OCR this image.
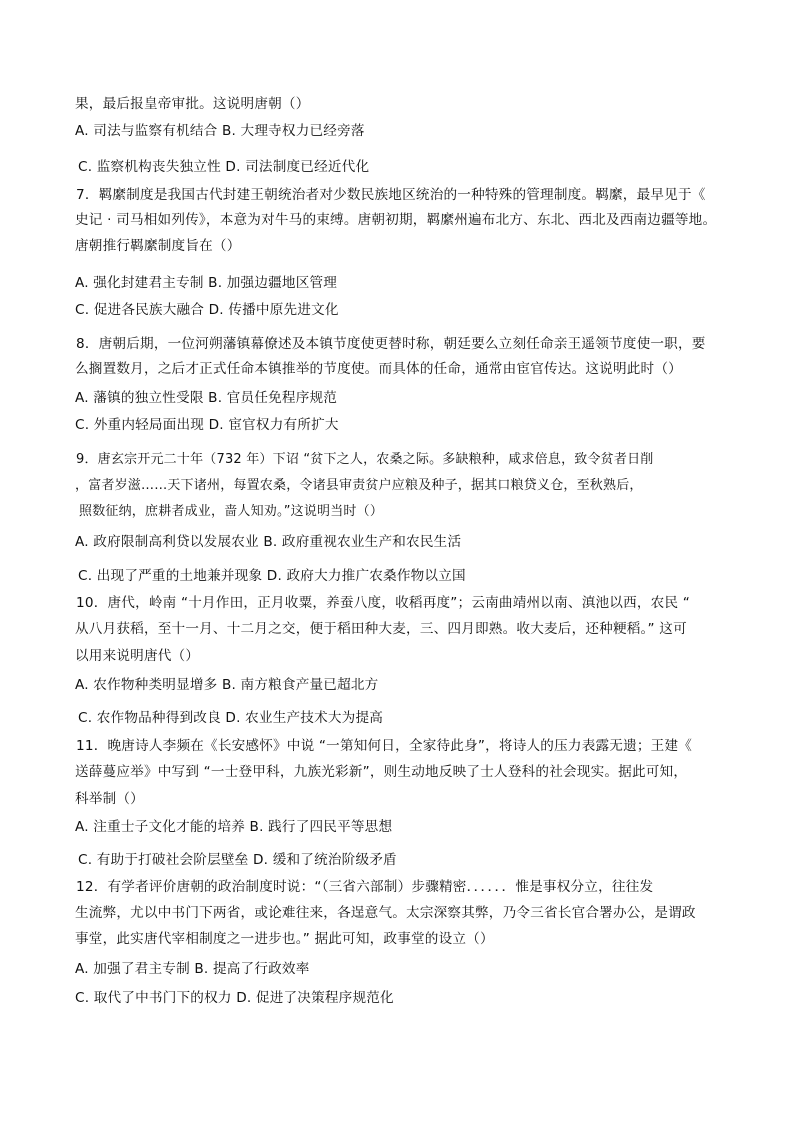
果，最后报皇帝审批。这说明唐朝（）
A. 司法与监察有机结合 B. 大理寺权力已经旁落
C. 监察机构丧失独立性 D. 司法制度已经近代化
7．羁縻制度是我国古代封建王朝统治者对少数民族地区统治的一种特殊的管理制度。羁縻，最早见于《
史记 · 司马相如列传》，本意为对牛马的束缚。唐朝初期，羁縻州遍布北方、东北、西北及西南边疆等地。
唐朝推行羁縻制度旨在（）
A. 强化封建君主专制 B. 加强边疆地区管理
C. 促进各民族大融合 D. 传播中原先进文化
8．唐朝后期，一位河朔藩镇幕僚述及本镇节度使更替时称，朝廷要么立刻任命亲王遥领节度使一职，要
么搁置数月，之后才正式任命本镇推举的节度使。而具体的任命，通常由宦官传达。这说明此时（）
A. 藩镇的独立性受限 B. 官员任免程序规范
C. 外重内轻局面出现 D. 宦官权力有所扩大
9．唐玄宗开元二十年（732 年）下诏 “贫下之人，农桑之际。多缺粮种，咸求倍息，致令贫者日削
，富者岁滋……天下诸州，每置农桑，令诸县审责贫户应粮及种子，据其口粮贷义仓，至秋熟后，
照数征纳，庶耕者成业，啬人知劝。”这说明当时（）
A. 政府限制高利贷以发展农业 B. 政府重视农业生产和农民生活
C. 出现了严重的土地兼并现象 D. 政府大力推广农桑作物以立国
10．唐代，岭南 “十月作田，正月收粟，养蚕八度，收稻再度”；云南曲靖州以南、滇池以西，农民 “
从八月获稻，至十一月、十二月之交，便于稻田种大麦，三、四月即熟。收大麦后，还种粳稻。” 这可
以用来说明唐代（）
A. 农作物种类明显增多 B. 南方粮食产量已超北方
C. 农作物品种得到改良 D. 农业生产技术大为提高
11．晚唐诗人李频在《长安感怀》中说 “一第知何日，全家待此身”，将诗人的压力表露无遗；王建《
送薛蔓应举》中写到 “一士登甲科，九族光彩新”，则生动地反映了士人登科的社会现实。据此可知，
科举制（）
A. 注重士子文化才能的培养 B. 践行了四民平等思想
C. 有助于打破社会阶层壁垒 D. 缓和了统治阶级矛盾
12．有学者评价唐朝的政治制度时说：“（三省六部制）步骤精密．．．．．．惟是事权分立，往往发
生流弊，尤以中书门下两省，或论难往来，各逞意气。太宗深察其弊，乃令三省长官合署办公，是谓政
事堂，此实唐代宰相制度之一进步也。” 据此可知，政事堂的设立（）
A. 加强了君主专制 B. 提高了行政效率
C. 取代了中书门下的权力 D. 促进了决策程序规范化
